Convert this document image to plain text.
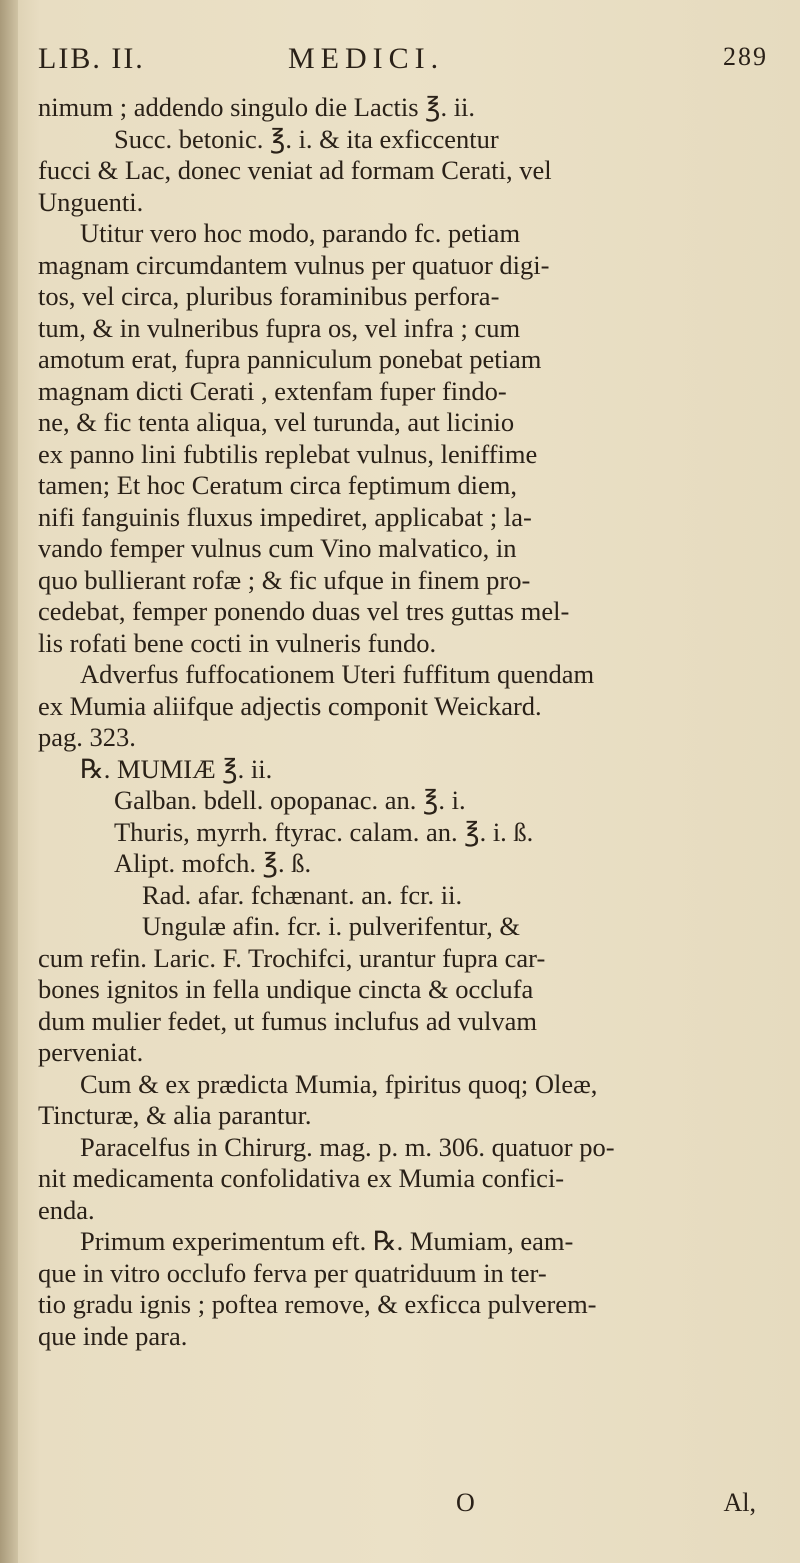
LIB. II.	MEDICI.	289
nimum ; addendo singulo die Lactis ℥. ii.
Succ. betonic. ℥. i. & ita exficcentur
fucci & Lac, donec veniat ad formam Cerati, vel
Unguenti.
Utitur vero hoc modo, parando fc. petiam
magnam circumdantem vulnus per quatuor digi-
tos, vel circa, pluribus foraminibus perfora-
tum, & in vulneribus fupra os, vel infra ; cum
amotum erat, fupra panniculum ponebat petiam
magnam dicti Cerati , extenfam fuper findo-
ne, & fic tenta aliqua, vel turunda, aut licinio
ex panno lini fubtilis replebat vulnus, leniffime
tamen; Et hoc Ceratum circa feptimum diem,
nifi fanguinis fluxus impediret, applicabat ; la-
vando femper vulnus cum Vino malvatico, in
quo bullierant rofæ ; & fic ufque in finem pro-
cedebat, femper ponendo duas vel tres guttas mel-
lis rofati bene cocti in vulneris fundo.
Adverfus fuffocationem Uteri fuffitum quendam
ex Mumia aliifque adjectis componit Weickard.
pag. 323.
℞. MUMIÆ ℥. ii.
Galban. bdell. opopanac. an. ℥. i.
Thuris, myrrh. ftyrac. calam. an. ℥. i. ß.
Alipt. mofch. ℥. ß.
Rad. afar. fchænant. an. fcr. ii.
Ungulæ afin. fcr. i. pulverifentur, &
cum refin. Laric. F. Trochifci, urantur fupra car-
bones ignitos in fella undique cincta & occlufa
dum mulier fedet, ut fumus inclufus ad vulvam
perveniat.
Cum & ex prædicta Mumia, fpiritus quoq; Oleæ,
Tincturæ, & alia parantur.
Paracelfus in Chirurg. mag. p. m. 306. quatuor po-
nit medicamenta confolidativa ex Mumia confici-
enda.
Primum experimentum eft. ℞. Mumiam, eam-
que in vitro occlufo ferva per quatriduum in ter-
tio gradu ignis ; poftea remove, & exficca pulverem-
que inde para.
O	Al,
